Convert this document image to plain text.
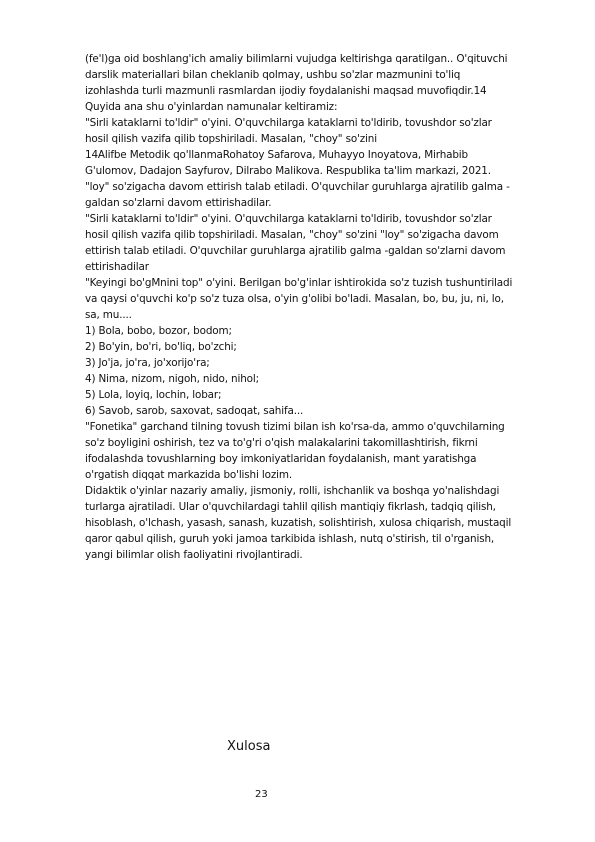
(fe'l)ga oid boshlang'ich amaliy bilimlarni vujudga keltirishga qaratilgan.. O'qituvchi
darslik materiallari bilan cheklanib qolmay, ushbu so'zlar mazmunini to'liq
izohlashda turli mazmunli rasmlardan ijodiy foydalanishi maqsad muvofiqdir.14
Quyida ana shu o'yinlardan namunalar keltiramiz:
"Sirli kataklarni to'ldir" o'yini. O'quvchilarga kataklarni to'ldirib, tovushdor so'zlar
hosil qilish vazifa qilib topshiriladi. Masalan, "choy" so'zini
14Alifbe Metodik qo'llanmaRohatoy Safarova, Muhayyo Inoyatova, Mirhabib
G'ulomov, Dadajon Sayfurov, Dilrabo Malikova. Respublika ta'lim markazi, 2021.
"loy" so'zigacha davom ettirish talab etiladi. O'quvchilar guruhlarga ajratilib galma -
galdan so'zlarni davom ettirishadilar.
"Sirli kataklarni to'ldir" o'yini. O'quvchilarga kataklarni to'ldirib, tovushdor so'zlar
hosil qilish vazifa qilib topshiriladi. Masalan, "choy" so'zini "loy" so'zigacha davom
ettirish talab etiladi. O'quvchilar guruhlarga ajratilib galma -galdan so'zlarni davom
ettirishadilar
"Keyingi bo'gMnini top" o'yini. Berilgan bo'g'inlar ishtirokida so'z tuzish tushuntiriladi
va qaysi o'quvchi ko'p so'z tuza olsa, o'yin g'olibi bo'ladi. Masalan, bo, bu, ju, ni, lo,
sa, mu....
1) Bola, bobo, bozor, bodom;
2) Bo'yin, bo'ri, bo'liq, bo'zchi;
3) Jo'ja, jo'ra, jo'xorijo'ra;
4) Nima, nizom, nigoh, nido, nihol;
5) Lola, loyiq, lochin, lobar;
6) Savob, sarob, saxovat, sadoqat, sahifa...
"Fonetika" garchand tilning tovush tizimi bilan ish ko'rsa-da, ammo o'quvchilarning
so'z boyligini oshirish, tez va to'g'ri o'qish malakalarini takomillashtirish, fikrni
ifodalashda tovushlarning boy imkoniyatlaridan foydalanish, mant yaratishga
o'rgatish diqqat markazida bo'lishi lozim.
Didaktik o'yinlar nazariy amaliy, jismoniy, rolli, ishchanlik va boshqa yo'nalishdagi
turlarga ajratiladi. Ular o'quvchilardagi tahlil qilish mantiqiy fikrlash, tadqiq qilish,
hisoblash, o'lchash, yasash, sanash, kuzatish, solishtirish, xulosa chiqarish, mustaqil
qaror qabul qilish, guruh yoki jamoa tarkibida ishlash, nutq o'stirish, til o'rganish,
yangi bilimlar olish faoliyatini rivojlantiradi.
Xulosa
23
